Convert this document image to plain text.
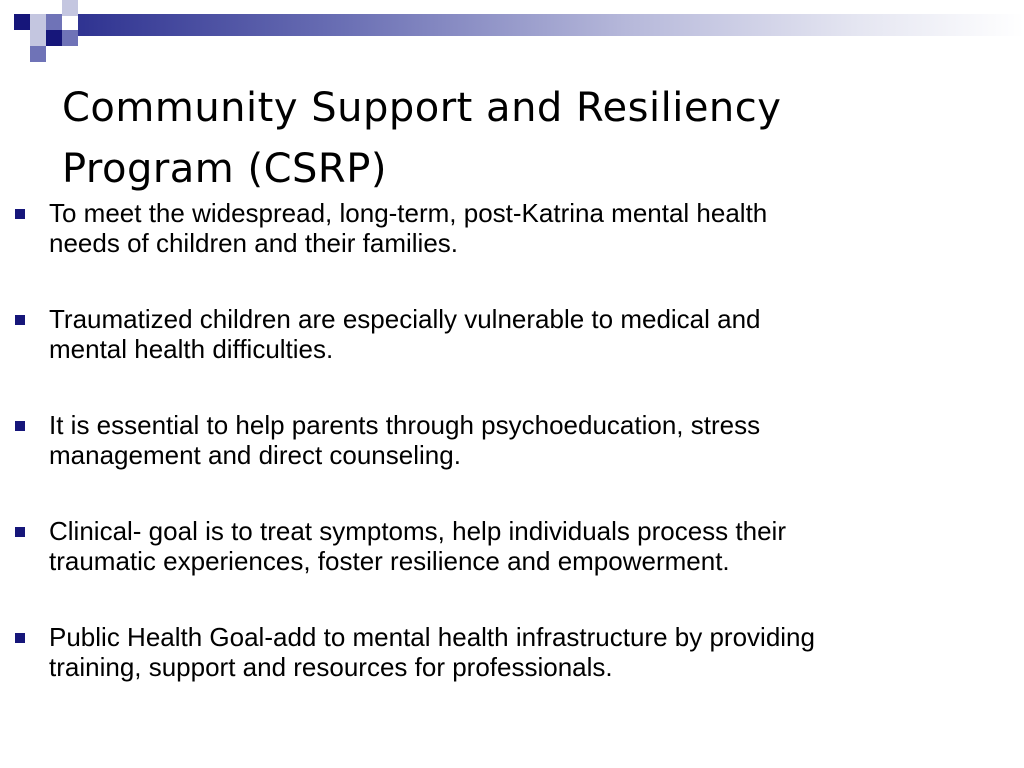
Community Support and Resiliency
Program (CSRP)
To meet the widespread, long-term, post-Katrina mental health
needs of children and their families.
Traumatized children are especially vulnerable to medical and
mental health difficulties.
It is essential to help parents through psychoeducation, stress
management and direct counseling.
Clinical- goal is to treat symptoms, help individuals process their
traumatic experiences, foster resilience and empowerment.
Public Health Goal-add to mental health infrastructure by providing
training, support and resources for professionals.
